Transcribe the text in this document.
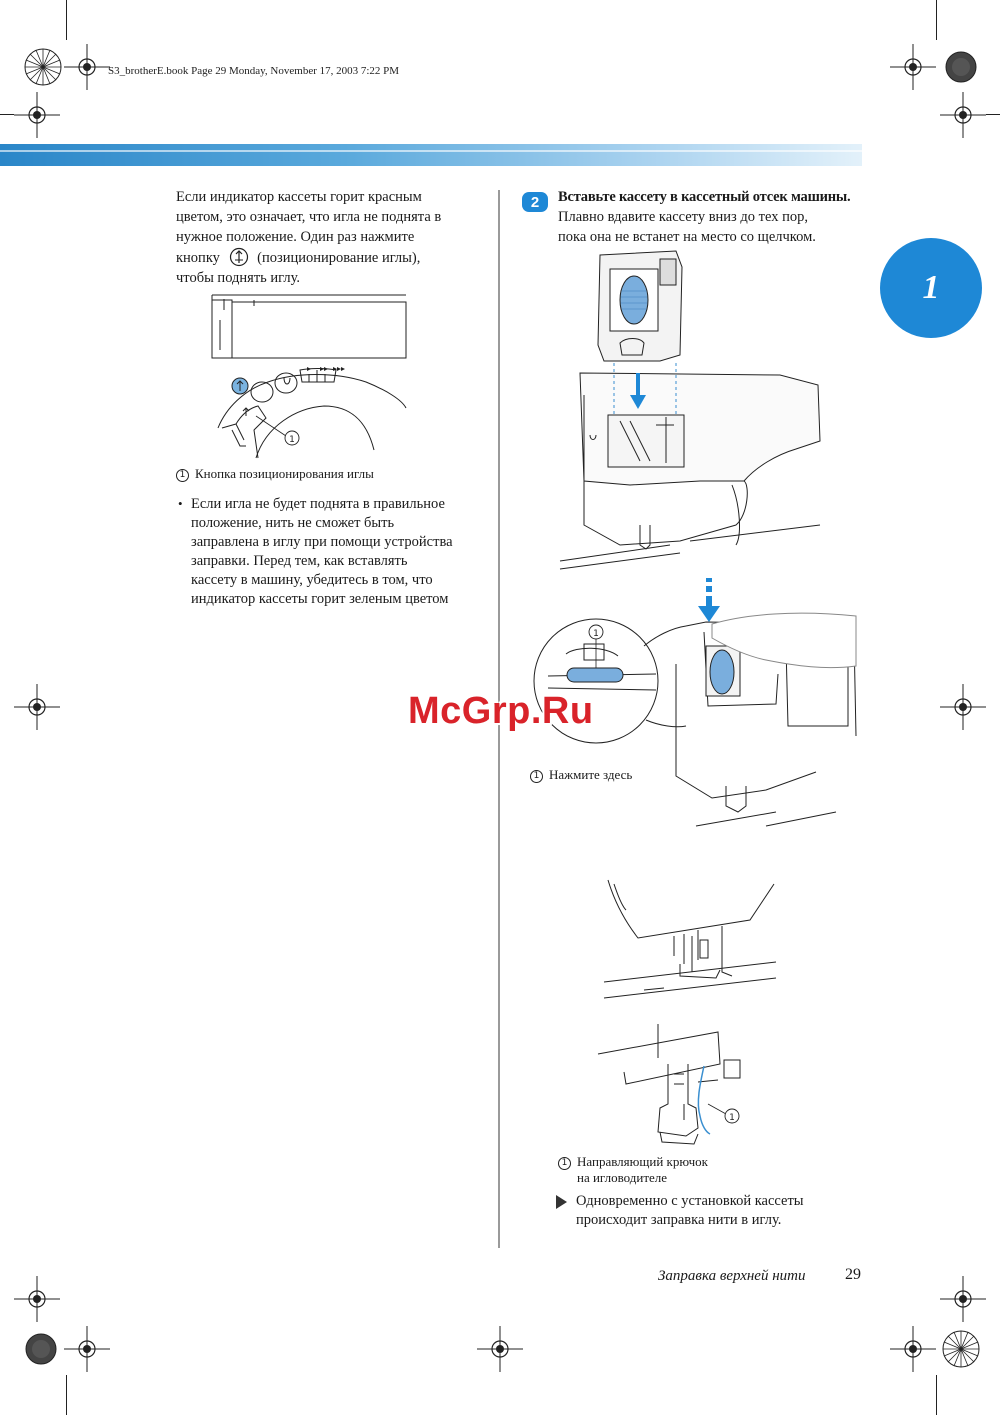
S3_brotherE.book Page 29 Monday, November 17, 2003 7:22 PM
1
Если индикатор кассеты горит красным
цветом, это означает, что игла не поднята в
нужное положение. Один раз нажмите
кнопку	(позиционирование иглы),
чтобы поднять иглу.
1
1 Кнопка позиционирования иглы
• Если игла не будет поднята в правильное
положение, нить не сможет быть
заправлена в иглу при помощи устройства
заправки. Перед тем, как вставлять
кассету в машину, убедитесь в том, что
индикатор кассеты горит зеленым цветом
2	Вставьте кассету в кассетный отсек машины.
Плавно вдавите кассету вниз до тех пор,
пока она не встанет на место со щелчком.
1
1 Нажмите здесь
1
1 Направляющий крючок
на игловодителе
Одновременно с установкой кассеты
происходит заправка нити в иглу.
McGrp.Ru
Заправка верхней нити 29
